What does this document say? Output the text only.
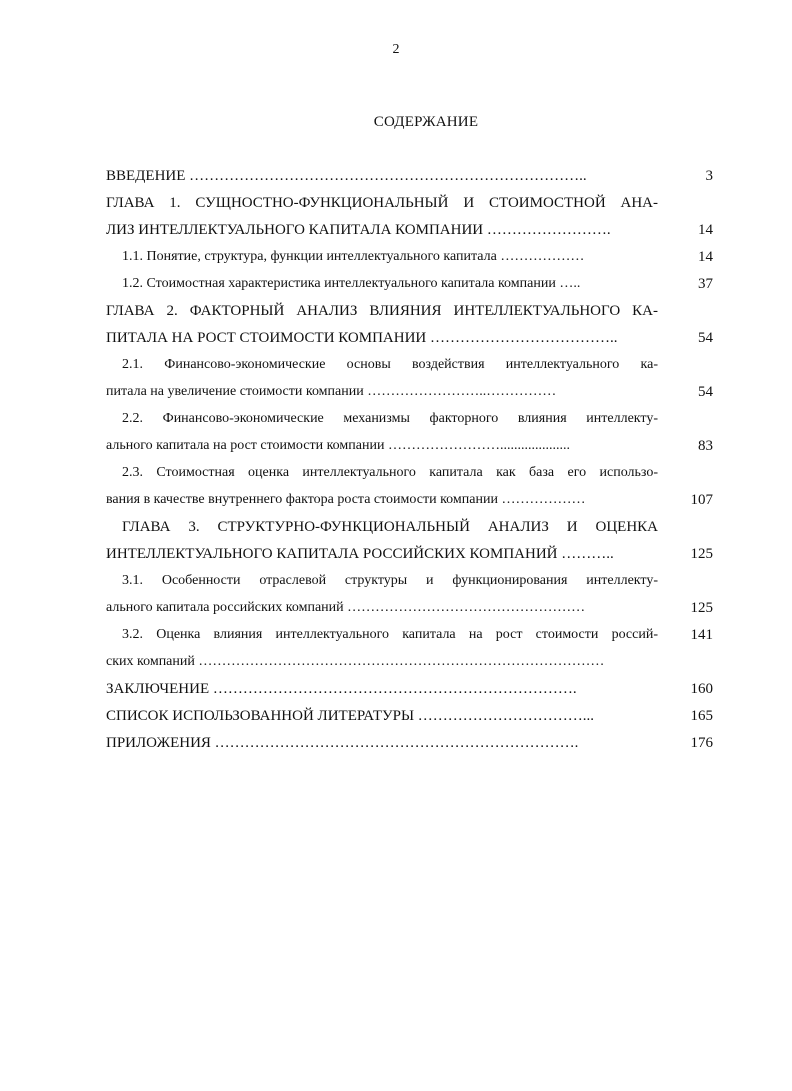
2
СОДЕРЖАНИЕ
ВВЕДЕНИЕ ……………………………………………………………………..	3
ГЛАВА 1. СУЩНОСТНО-ФУНКЦИОНАЛЬНЫЙ И СТОИМОСТНОЙ АНА-
ЛИЗ ИНТЕЛЛЕКТУАЛЬНОГО КАПИТАЛА КОМПАНИИ …………………….	14
1.1. Понятие, структура, функции интеллектуального капитала ………………	14
1.2. Стоимостная характеристика интеллектуального капитала компании …..	37
ГЛАВА 2. ФАКТОРНЫЙ АНАЛИЗ ВЛИЯНИЯ ИНТЕЛЛЕКТУАЛЬНОГО КА-
ПИТАЛА НА РОСТ СТОИМОСТИ КОМПАНИИ ………………………………..	54
2.1. Финансово-экономические основы воздействия интеллектуального ка-
питала на увеличение стоимости компании ……………………..……………	54
2.2. Финансово-экономические механизмы факторного влияния интеллекту-
ального капитала на рост стоимости компании ……………………....................	83
2.3. Стоимостная оценка интеллектуального капитала как база его использо-
вания в качестве внутреннего фактора роста стоимости компании ………………	107
ГЛАВА 3. СТРУКТУРНО-ФУНКЦИОНАЛЬНЫЙ АНАЛИЗ И ОЦЕНКА
ИНТЕЛЛЕКТУАЛЬНОГО КАПИТАЛА РОССИЙСКИХ КОМПАНИЙ ………..	125
3.1. Особенности отраслевой структуры и функционирования интеллекту-
ального капитала российских компаний ……………………………………………	125
3.2. Оценка влияния интеллектуального капитала на рост стоимости россий-	141
ских компаний ……………………………………………………………………………
ЗАКЛЮЧЕНИЕ ……………………………………………………………….	160
СПИСОК ИСПОЛЬЗОВАННОЙ ЛИТЕРАТУРЫ ……………………………...	165
ПРИЛОЖЕНИЯ ……………………………………………………………….	176
